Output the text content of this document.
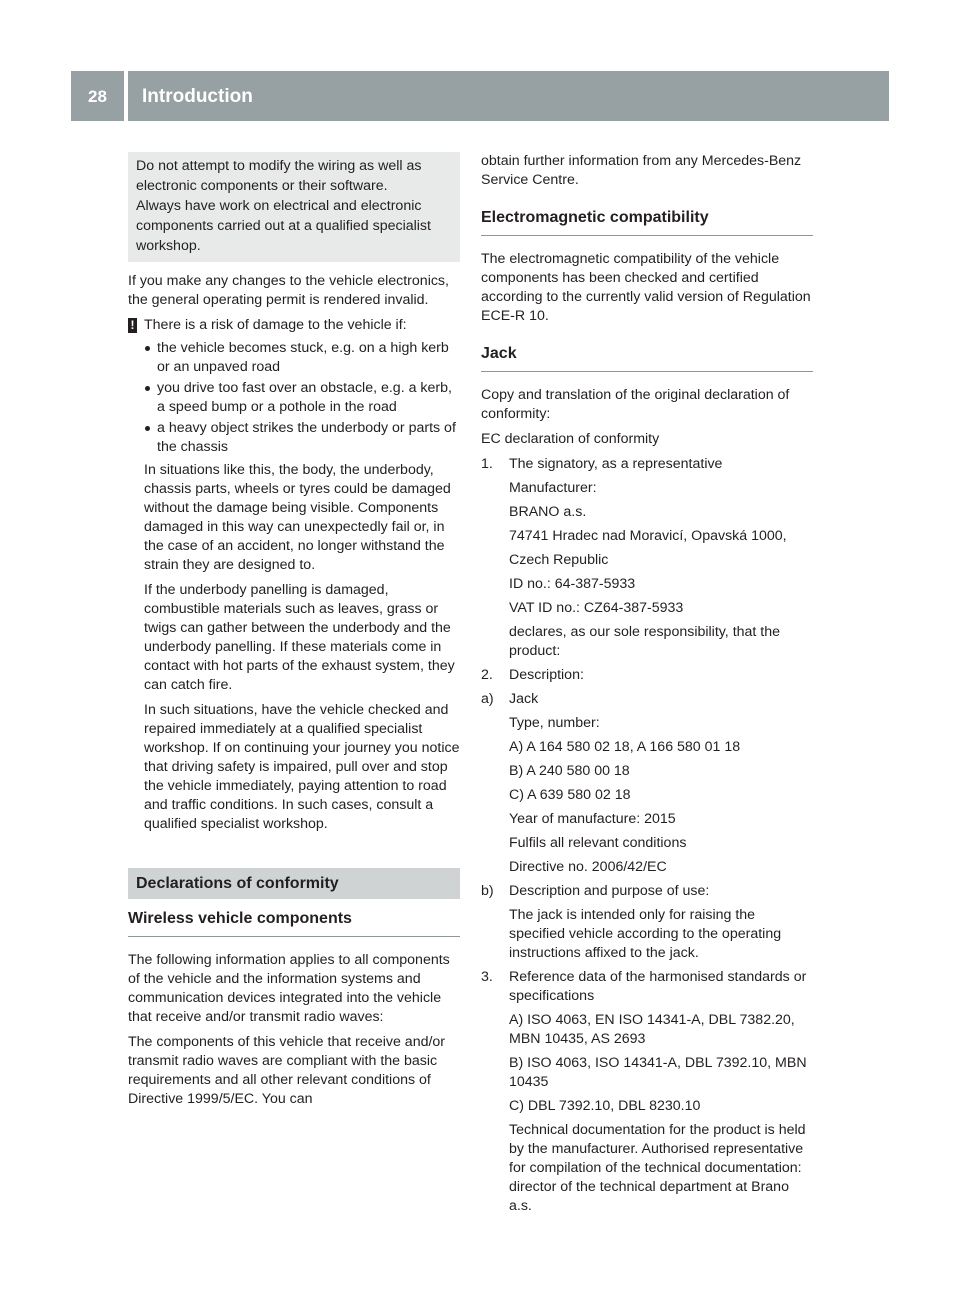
28	Introduction

Do not attempt to modify the wiring as well as electronic components or their software.

Always have work on electrical and electronic components carried out at a qualified specialist workshop.

If you make any changes to the vehicle electronics, the general operating permit is rendered invalid.

! There is a risk of damage to the vehicle if:
the vehicle becomes stuck, e.g. on a high kerb or an unpaved road
you drive too fast over an obstacle, e.g. a kerb, a speed bump or a pothole in the road
a heavy object strikes the underbody or parts of the chassis

In situations like this, the body, the underbody, chassis parts, wheels or tyres could be damaged without the damage being visible. Components damaged in this way can unexpectedly fail or, in the case of an accident, no longer withstand the strain they are designed to.

If the underbody panelling is damaged, combustible materials such as leaves, grass or twigs can gather between the underbody and the underbody panelling. If these materials come in contact with hot parts of the exhaust system, they can catch fire.

In such situations, have the vehicle checked and repaired immediately at a qualified specialist workshop. If on continuing your journey you notice that driving safety is impaired, pull over and stop the vehicle immediately, paying attention to road and traffic conditions. In such cases, consult a qualified specialist workshop.

Declarations of conformity
Wireless vehicle components

The following information applies to all components of the vehicle and the information systems and communication devices integrated into the vehicle that receive and/or transmit radio waves:

The components of this vehicle that receive and/or transmit radio waves are compliant with the basic requirements and all other relevant conditions of Directive 1999/5/EC. You can

obtain further information from any Mercedes-Benz Service Centre.

Electromagnetic compatibility

The electromagnetic compatibility of the vehicle components has been checked and certified according to the currently valid version of Regulation ECE-R 10.

Jack

Copy and translation of the original declaration of conformity:

EC declaration of conformity

1.	The signatory, as a representative
Manufacturer:
BRANO a.s.
74741 Hradec nad Moravicí, Opavská 1000,
Czech Republic
ID no.: 64-387-5933
VAT ID no.: CZ64-387-5933
declares, as our sole responsibility, that the product:
2.	Description:
a)	Jack
Type, number:
A) A 164 580 02 18, A 166 580 01 18
B) A 240 580 00 18
C) A 639 580 02 18
Year of manufacture: 2015
Fulfils all relevant conditions
Directive no. 2006/42/EC
b)	Description and purpose of use:
The jack is intended only for raising the specified vehicle according to the operating instructions affixed to the jack.
3.	Reference data of the harmonised standards or specifications
A) ISO 4063, EN ISO 14341-A, DBL 7382.20, MBN 10435, AS 2693
B) ISO 4063, ISO 14341-A, DBL 7392.10, MBN 10435
C) DBL 7392.10, DBL 8230.10
Technical documentation for the product is held by the manufacturer. Authorised representative for compilation of the technical documentation: director of the technical department at Brano a.s.
